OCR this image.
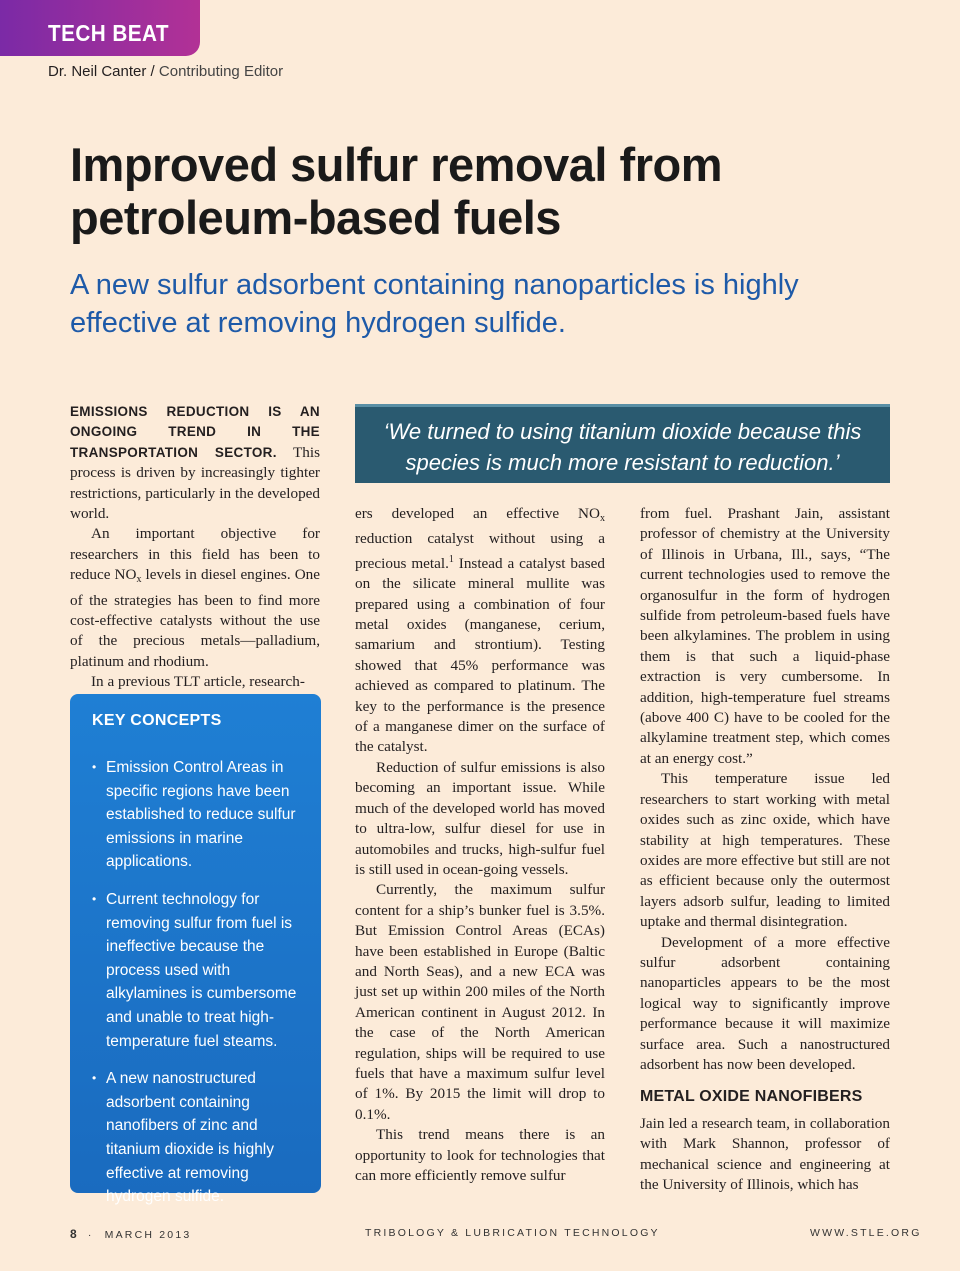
TECH BEAT
Dr. Neil Canter / Contributing Editor
Improved sulfur removal from petroleum-based fuels

A new sulfur adsorbent containing nanoparticles is highly effective at removing hydrogen sulfide.

EMISSIONS REDUCTION IS AN ONGOING TREND IN THE TRANSPORTATION SECTOR. This process is driven by increasingly tighter restrictions, particularly in the developed world.

An important objective for researchers in this field has been to reduce $NO_x$ levels in diesel engines. One of the strategies has been to find more cost-effective catalysts without the use of the precious metals—palladium, platinum and rhodium.

In a previous TLT article, research-

KEY CONCEPTS
• Emission Control Areas in specific regions have been established to reduce sulfur emissions in marine applications.
• Current technology for removing sulfur from fuel is ineffective because the process used with alkylamines is cumbersome and unable to treat high-temperature fuel steams.
• A new nanostructured adsorbent containing nanofibers of zinc and titanium dioxide is highly effective at removing hydrogen sulfide.
‘We turned to using titanium dioxide because this species is much more resistant to reduction.’

ers developed an effective $NO_x$ reduction catalyst without using a precious metal.$^1$ Instead a catalyst based on the silicate mineral mullite was prepared using a combination of four metal oxides (manganese, cerium, samarium and strontium). Testing showed that 45% performance was achieved as compared to platinum. The key to the performance is the presence of a manganese dimer on the surface of the catalyst.

Reduction of sulfur emissions is also becoming an important issue. While much of the developed world has moved to ultra-low, sulfur diesel for use in automobiles and trucks, high-sulfur fuel is still used in ocean-going vessels.

Currently, the maximum sulfur content for a ship’s bunker fuel is 3.5%. But Emission Control Areas (ECAs) have been established in Europe (Baltic and North Seas), and a new ECA was just set up within 200 miles of the North American continent in August 2012. In the case of the North American regulation, ships will be required to use fuels that have a maximum sulfur level of 1%. By 2015 the limit will drop to 0.1%.

This trend means there is an opportunity to look for technologies that can more efficiently remove sulfur

from fuel. Prashant Jain, assistant professor of chemistry at the University of Illinois in Urbana, Ill., says, “The current technologies used to remove the organosulfur in the form of hydrogen sulfide from petroleum-based fuels have been alkylamines. The problem in using them is that such a liquid-phase extraction is very cumbersome. In addition, high-temperature fuel streams (above 400 C) have to be cooled for the alkylamine treatment step, which comes at an energy cost.”

This temperature issue led researchers to start working with metal oxides such as zinc oxide, which have stability at high temperatures. These oxides are more effective but still are not as efficient because only the outermost layers adsorb sulfur, leading to limited uptake and thermal disintegration.

Development of a more effective sulfur adsorbent containing nanoparticles appears to be the most logical way to significantly improve performance because it will maximize surface area. Such a nanostructured adsorbent has now been developed.

METAL OXIDE NANOFIBERS

Jain led a research team, in collaboration with Mark Shannon, professor of mechanical science and engineering at the University of Illinois, which has

8 · MARCH 2013	TRIBOLOGY & LUBRICATION TECHNOLOGY	WWW.STLE.ORG
